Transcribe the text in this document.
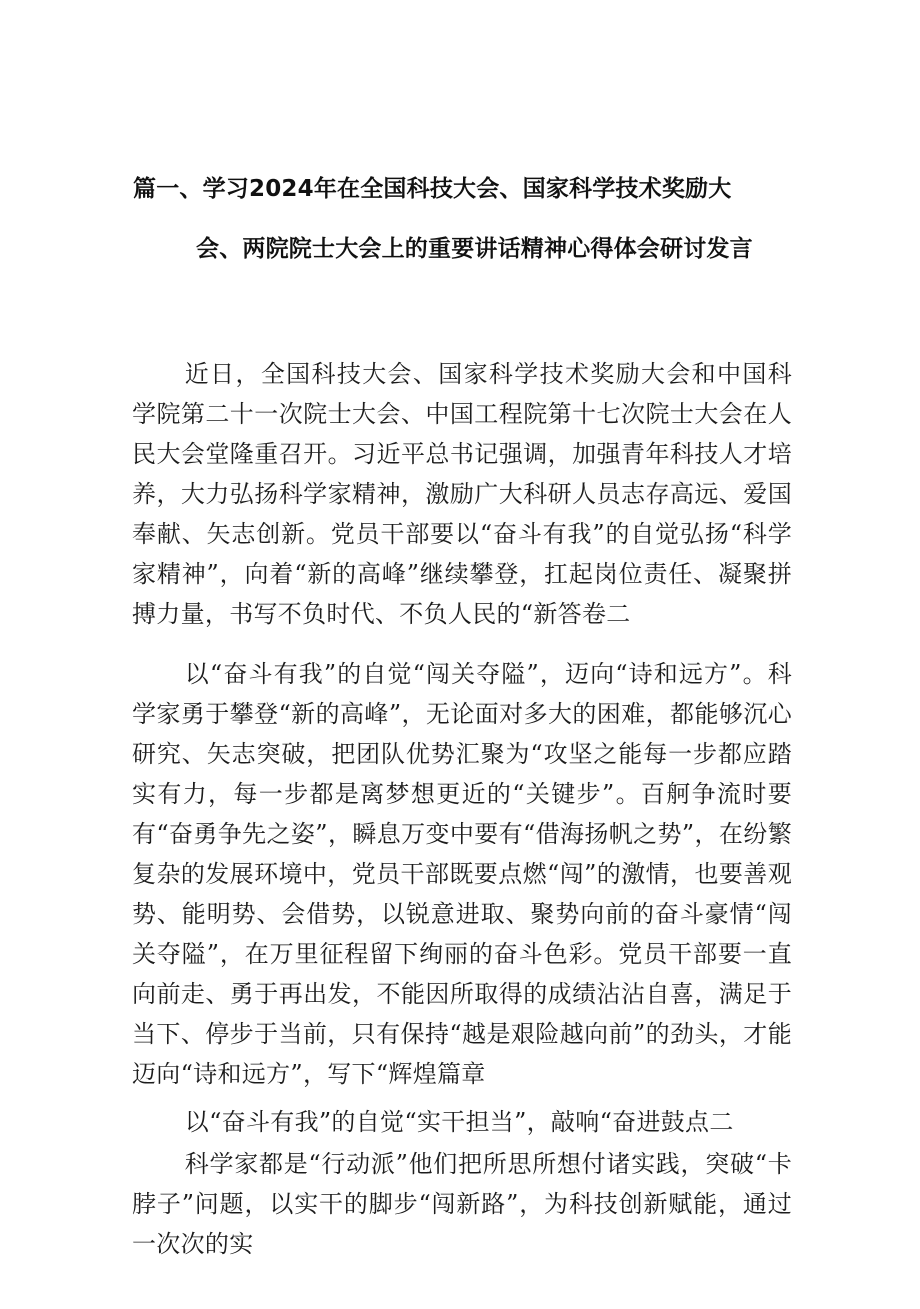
篇一、学习2024年在全国科技大会、国家科学技术奖励大
会、两院院士大会上的重要讲话精神心得体会研讨发言

近日，全国科技大会、国家科学技术奖励大会和中国科学院第二十一次院士大会、中国工程院第十七次院士大会在人民大会堂隆重召开。习近平总书记强调，加强青年科技人才培养，大力弘扬科学家精神，激励广大科研人员志存高远、爱国奉献、矢志创新。党员干部要以“奋斗有我”的自觉弘扬“科学家精神”，向着“新的高峰”继续攀登，扛起岗位责任、凝聚拼搏力量，书写不负时代、不负人民的“新答卷二

以“奋斗有我”的自觉“闯关夺隘”，迈向“诗和远方”。科学家勇于攀登“新的高峰”，无论面对多大的困难，都能够沉心研究、矢志突破，把团队优势汇聚为“攻坚之能每一步都应踏实有力，每一步都是离梦想更近的“关键步”。百舸争流时要有“奋勇争先之姿”，瞬息万变中要有“借海扬帆之势”，在纷繁复杂的发展环境中，党员干部既要点燃“闯”的激情，也要善观势、能明势、会借势，以锐意进取、聚势向前的奋斗豪情“闯关夺隘”，在万里征程留下绚丽的奋斗色彩。党员干部要一直向前走、勇于再出发，不能因所取得的成绩沾沾自喜，满足于当下、停步于当前，只有保持“越是艰险越向前”的劲头，才能迈向“诗和远方”，写下“辉煌篇章

以“奋斗有我”的自觉“实干担当”，敲响“奋进鼓点二

科学家都是“行动派”他们把所思所想付诸实践，突破“卡脖子”问题，以实干的脚步“闯新路”，为科技创新赋能，通过一次次的实
